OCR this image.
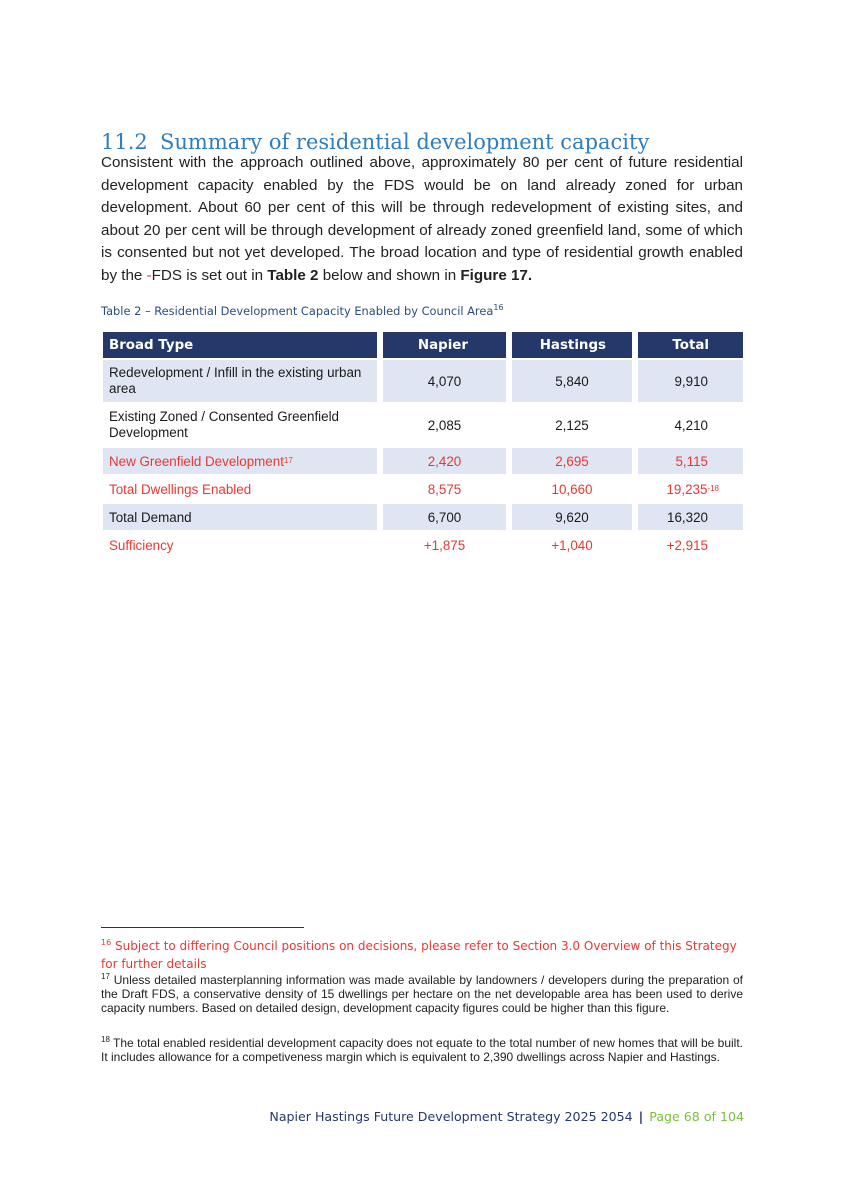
11.2 Summary of residential development capacity

Consistent with the approach outlined above, approximately 80 per cent of future residential development capacity enabled by the FDS would be on land already zoned for urban development. About 60 per cent of this will be through redevelopment of existing sites, and about 20 per cent will be through development of already zoned greenfield land, some of which is consented but not yet developed. The broad location and type of residential growth enabled by the -FDS is set out in Table 2 below and shown in Figure 17.

Table 2 – Residential Development Capacity Enabled by Council Area$^{16}$
Broad Type	Napier	Hastings	Total
Redevelopment / Infill in the existing urban area	4,070	5,840	9,910
Existing Zoned / Consented Greenfield Development	2,085	2,125	4,210
New Greenfield Development 17	2,420	2,695	5,115
Total Dwellings Enabled	8,575	10,660	19,235 -18
Total Demand	6,700	9,620	16,320
Sufficiency	+1,875	+1,040	+2,915
$^{16}$ Subject to differing Council positions on decisions, please refer to Section 3.0 Overview of this Strategy for further details
$^{17}$ Unless detailed masterplanning information was made available by landowners / developers during the preparation of the Draft FDS, a conservative density of 15 dwellings per hectare on the net developable area has been used to derive capacity numbers. Based on detailed design, development capacity figures could be higher than this figure.
$^{18}$ The total enabled residential development capacity does not equate to the total number of new homes that will be built. It includes allowance for a competiveness margin which is equivalent to 2,390 dwellings across Napier and Hastings.
Napier Hastings Future Development Strategy 2025 2054 | Page 68 of 104
